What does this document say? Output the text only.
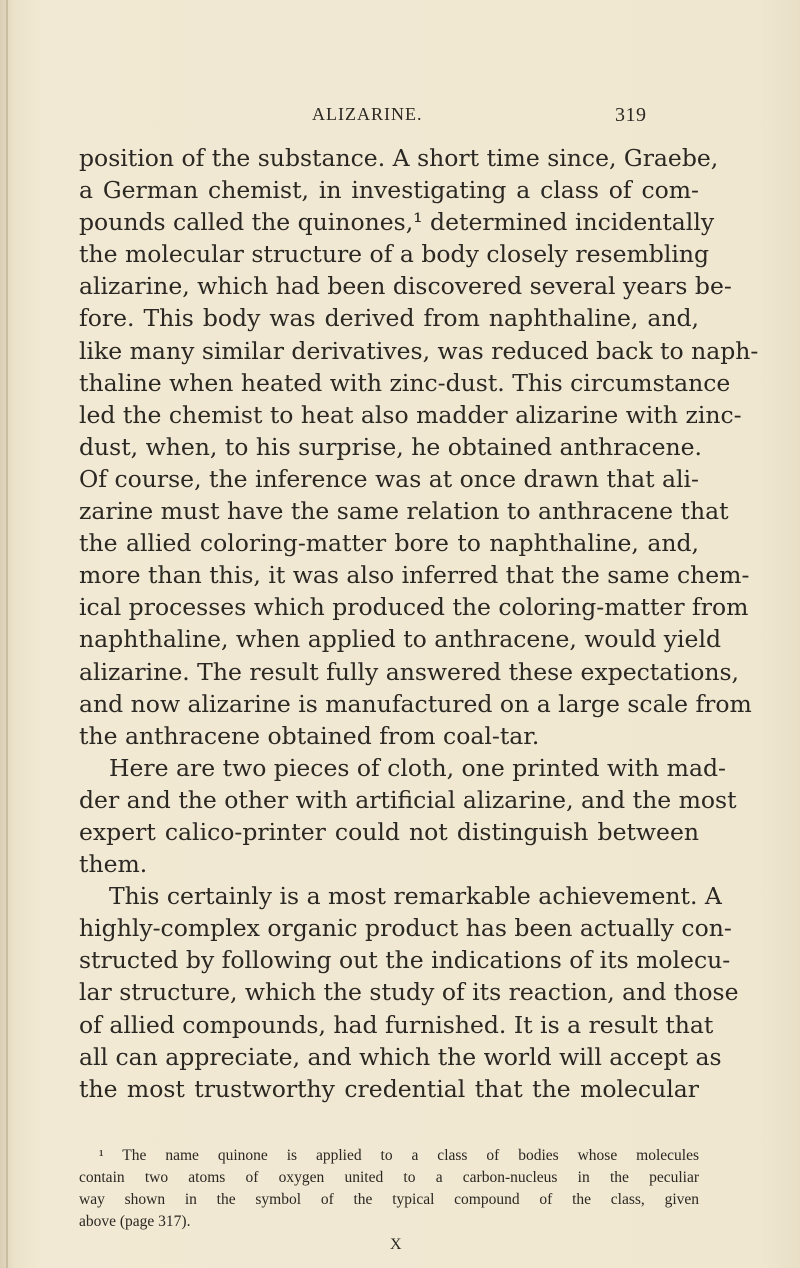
ALIZARINE.	319
position of the substance. A short time since, Graebe,
a German chemist, in investigating a class of com-
pounds called the quinones,¹ determined incidentally
the molecular structure of a body closely resembling
alizarine, which had been discovered several years be-
fore. This body was derived from naphthaline, and,
like many similar derivatives, was reduced back to naph-
thaline when heated with zinc-dust. This circumstance
led the chemist to heat also madder alizarine with zinc-
dust, when, to his surprise, he obtained anthracene.
Of course, the inference was at once drawn that ali-
zarine must have the same relation to anthracene that
the allied coloring-matter bore to naphthaline, and,
more than this, it was also inferred that the same chem-
ical processes which produced the coloring-matter from
naphthaline, when applied to anthracene, would yield
alizarine. The result fully answered these expectations,
and now alizarine is manufactured on a large scale from
the anthracene obtained from coal-tar.
Here are two pieces of cloth, one printed with mad-
der and the other with artificial alizarine, and the most
expert calico-printer could not distinguish between
them.
This certainly is a most remarkable achievement. A
highly-complex organic product has been actually con-
structed by following out the indications of its molecu-
lar structure, which the study of its reaction, and those
of allied compounds, had furnished. It is a result that
all can appreciate, and which the world will accept as
the most trustworthy credential that the molecular
¹ The name quinone is applied to a class of bodies whose molecules
contain two atoms of oxygen united to a carbon-nucleus in the peculiar
way shown in the symbol of the typical compound of the class, given
above (page 317).
X
